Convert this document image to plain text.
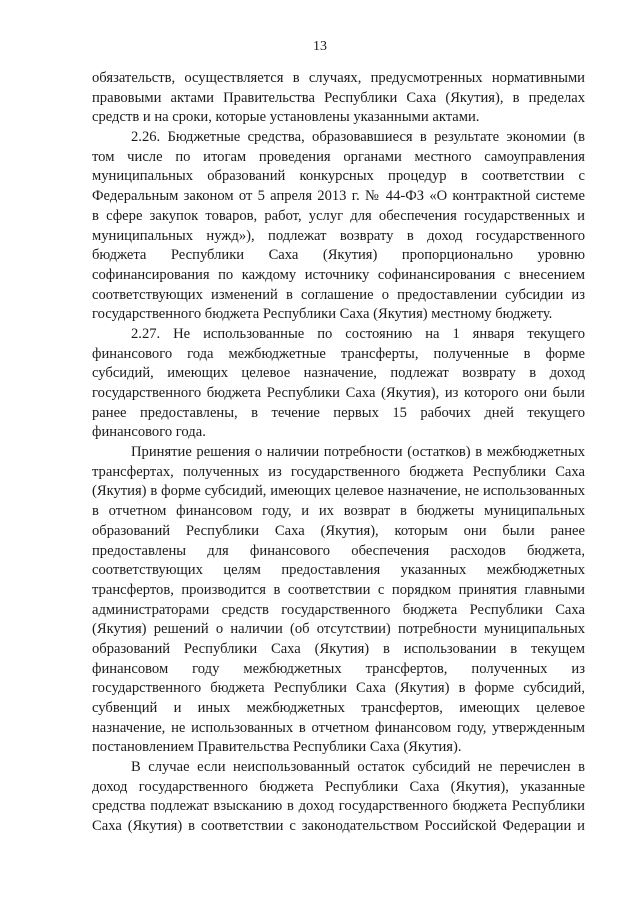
13
обязательств, осуществляется в случаях, предусмотренных нормативными
правовыми актами Правительства Республики Саха (Якутия), в пределах
средств и на сроки, которые установлены указанными актами.
2.26. Бюджетные средства, образовавшиеся в результате экономии (в
том числе по итогам проведения органами местного самоуправления
муниципальных образований конкурсных процедур в соответствии с
Федеральным законом от 5 апреля 2013 г. № 44-ФЗ «О контрактной системе
в сфере закупок товаров, работ, услуг для обеспечения государственных и
муниципальных нужд»), подлежат возврату в доход государственного
бюджета Республики Саха (Якутия) пропорционально уровню
софинансирования по каждому источнику софинансирования с внесением
соответствующих изменений в соглашение о предоставлении субсидии из
государственного бюджета Республики Саха (Якутия) местному бюджету.
2.27. Не использованные по состоянию на 1 января текущего
финансового года межбюджетные трансферты, полученные в форме
субсидий, имеющих целевое назначение, подлежат возврату в доход
государственного бюджета Республики Саха (Якутия), из которого они были
ранее предоставлены, в течение первых 15 рабочих дней текущего
финансового года.
Принятие решения о наличии потребности (остатков) в межбюджетных
трансфертах, полученных из государственного бюджета Республики Саха
(Якутия) в форме субсидий, имеющих целевое назначение, не использованных
в отчетном финансовом году, и их возврат в бюджеты муниципальных
образований Республики Саха (Якутия), которым они были ранее
предоставлены для финансового обеспечения расходов бюджета,
соответствующих целям предоставления указанных межбюджетных
трансфертов, производится в соответствии с порядком принятия главными
администраторами средств государственного бюджета Республики Саха
(Якутия) решений о наличии (об отсутствии) потребности муниципальных
образований Республики Саха (Якутия) в использовании в текущем
финансовом году межбюджетных трансфертов, полученных из
государственного бюджета Республики Саха (Якутия) в форме субсидий,
субвенций и иных межбюджетных трансфертов, имеющих целевое
назначение, не использованных в отчетном финансовом году, утвержденным
постановлением Правительства Республики Саха (Якутия).
В случае если неиспользованный остаток субсидий не перечислен в
доход государственного бюджета Республики Саха (Якутия), указанные
средства подлежат взысканию в доход государственного бюджета Республики
Саха (Якутия) в соответствии с законодательством Российской Федерации и
